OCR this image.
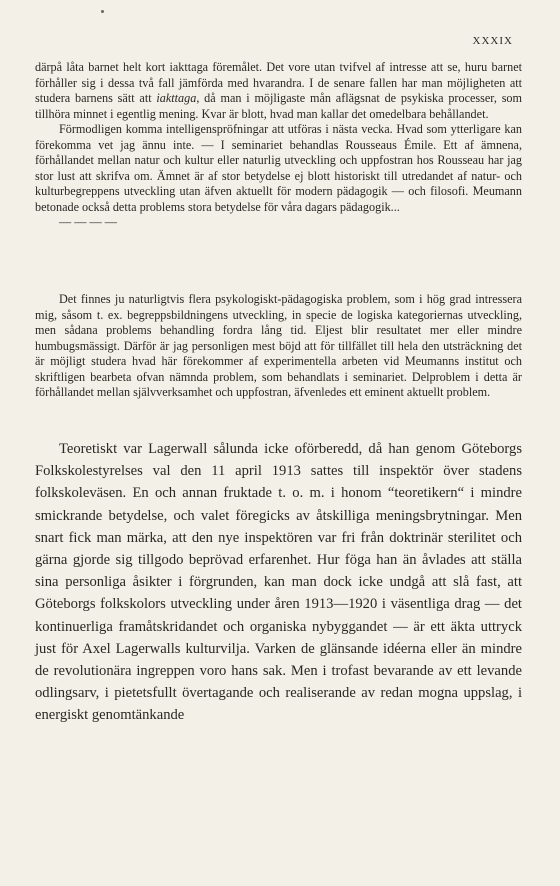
XXXIX

därpå låta barnet helt kort iakttaga föremålet. Det vore utan tvifvel af intresse att se, huru barnet förhåller sig i dessa två fall jämförda med hvarandra. I de senare fallen har man möjligheten att studera barnens sätt att iakttaga, då man i möjligaste mån aflägsnat de psykiska processer, som tillhöra minnet i egentlig mening. Kvar är blott, hvad man kallar det omedelbara behållandet.

Förmodligen komma intelligenspröfningar att utföras i nästa vecka. Hvad som ytterligare kan förekomma vet jag ännu inte. — I seminariet behandlas Rousseaus Émile. Ett af ämnena, förhållandet mellan natur och kultur eller naturlig utveckling och uppfostran hos Rousseau har jag stor lust att skrifva om. Ämnet är af stor betydelse ej blott historiskt till utredandet af natur- och kulturbegreppens utveckling utan äfven aktuellt för modern pädagogik — och filosofi. Meumann betonade också detta problems stora betydelse för våra dagars pädagogik...

— — — —

Det finnes ju naturligtvis flera psykologiskt-pädagogiska problem, som i hög grad intressera mig, såsom t. ex. begreppsbildningens utveckling, in specie de logiska kategoriernas utveckling, men sådana problems behandling fordra lång tid. Eljest blir resultatet mer eller mindre humbugsmässigt. Därför är jag personligen mest böjd att för tillfället till hela den utsträckning det är möjligt studera hvad här förekommer af experimentella arbeten vid Meumanns institut och skriftligen bearbeta ofvan nämnda problem, som behandlats i seminariet. Delproblem i detta är förhållandet mellan självverksamhet och uppfostran, äfvenledes ett eminent aktuellt problem.

Teoretiskt var Lagerwall sålunda icke oförberedd, då han genom Göteborgs Folkskolestyrelses val den 11 april 1913 sattes till inspektör över stadens folkskoleväsen. En och annan fruktade t. o. m. i honom “teoretikern“ i mindre smickrande betydelse, och valet föregicks av åtskilliga meningsbrytningar. Men snart fick man märka, att den nye inspektören var fri från doktrinär sterilitet och gärna gjorde sig tillgodo beprövad erfarenhet. Hur föga han än åvlades att ställa sina personliga åsikter i förgrunden, kan man dock icke undgå att slå fast, att Göteborgs folkskolors utveckling under åren 1913—1920 i väsentliga drag — det kontinuerliga framåtskridandet och organiska nybyggandet — är ett äkta uttryck just för Axel Lagerwalls kulturvilja. Varken de glänsande idéerna eller än mindre de revolutionära ingreppen voro hans sak. Men i trofast bevarande av ett levande odlingsarv, i pietetsfullt övertagande och realiserande av redan mogna uppslag, i energiskt genomtänkande
